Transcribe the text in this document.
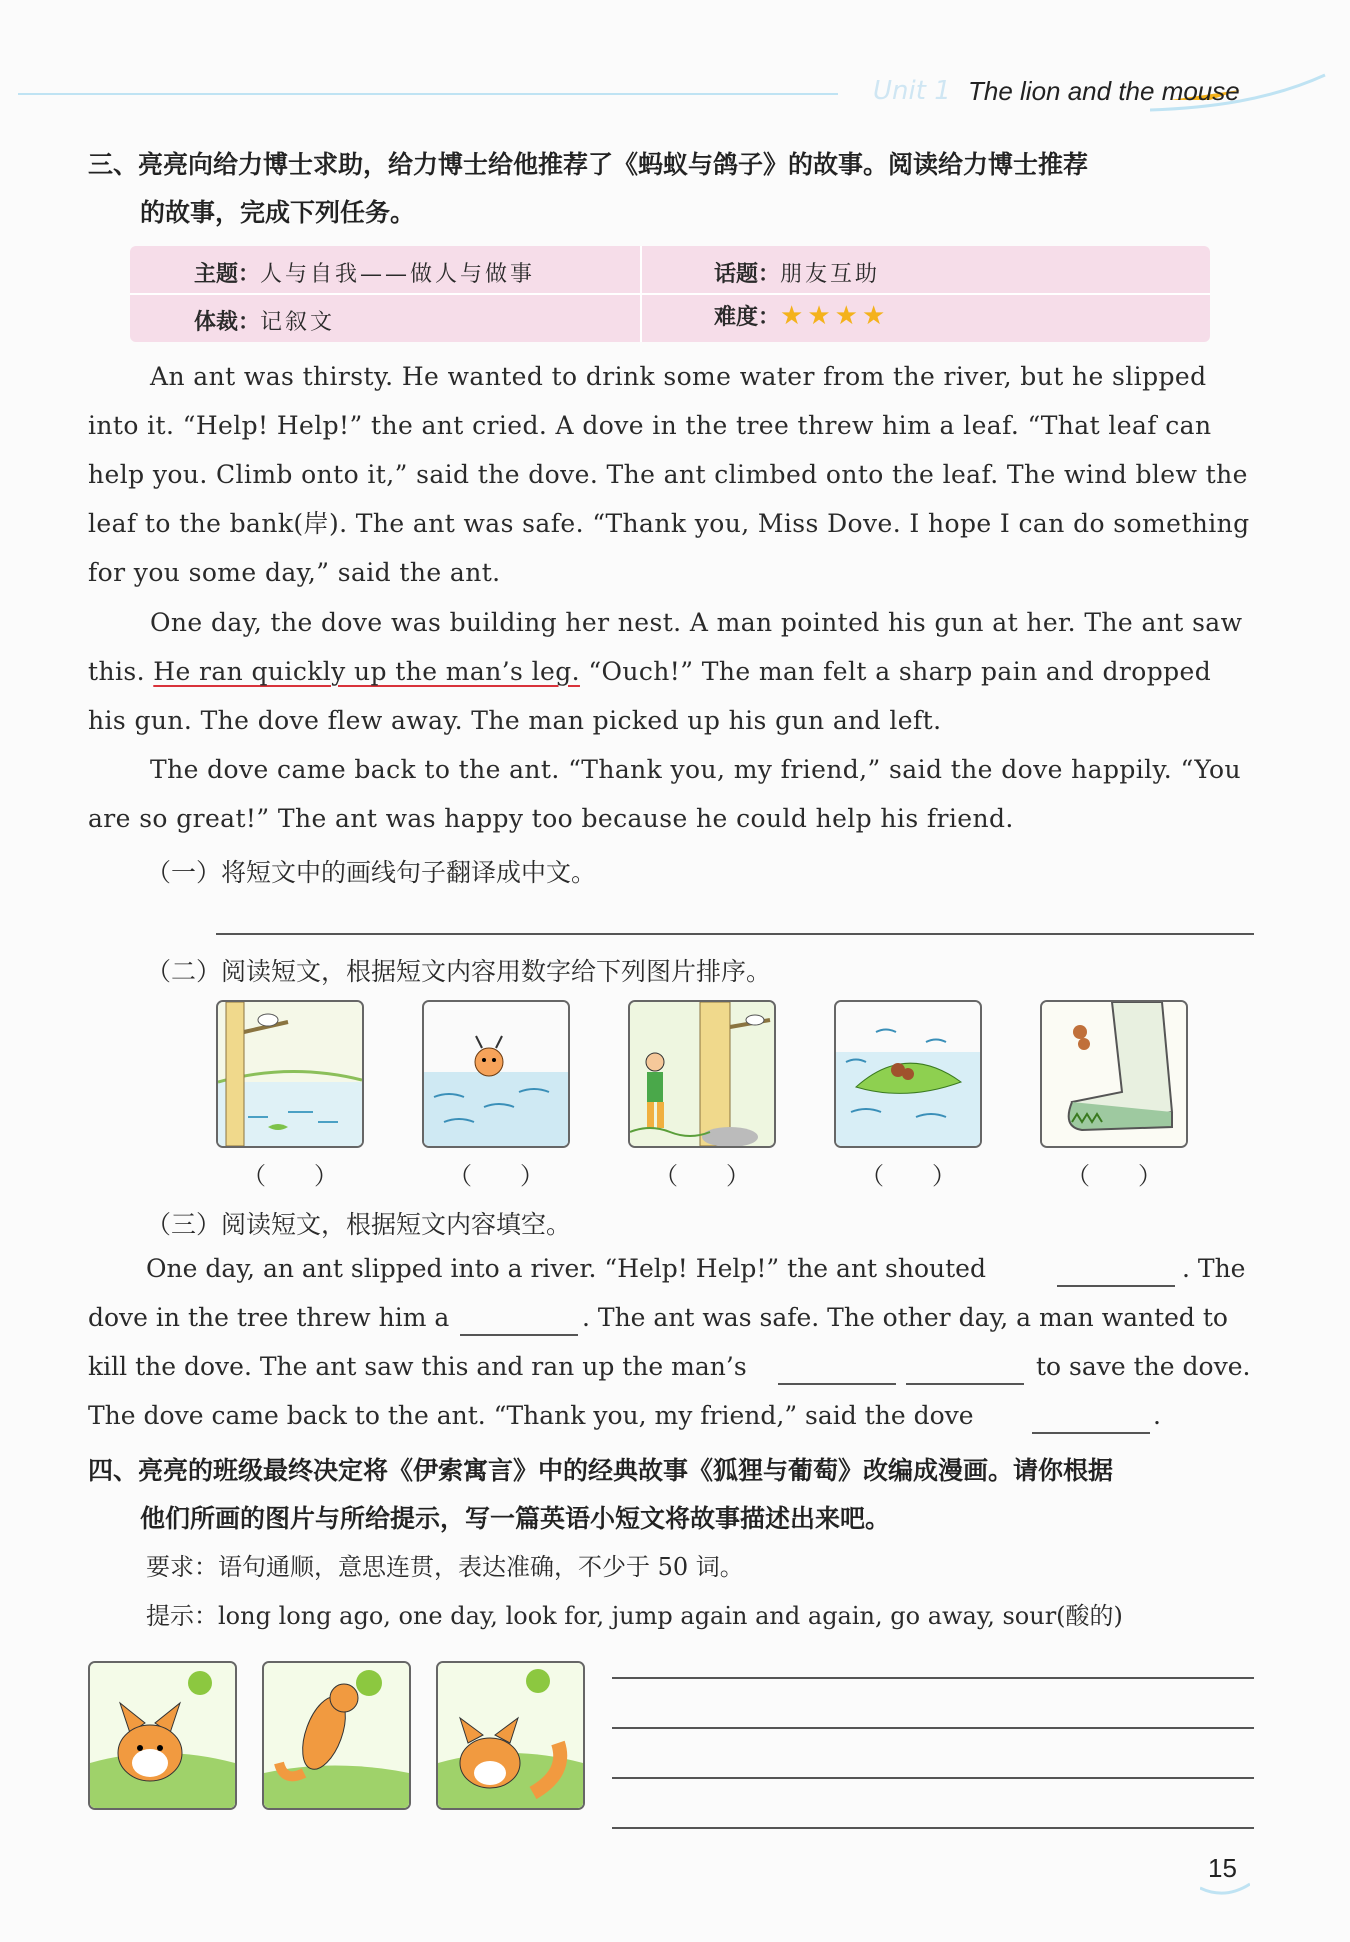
Unit 1 The lion and the mouse
三、亮亮向给力博士求助，给力博士给他推荐了《蚂蚁与鸽子》的故事。阅读给力博士推荐
的故事，完成下列任务。
主题：人与自我——做人与做事	话题：朋友互助
体裁：记叙文	难度：★ ★ ★ ★
An ant was thirsty. He wanted to drink some water from the river, but he slipped into it. “Help! Help!” the ant cried. A dove in the tree threw him a leaf. “That leaf can help you. Climb onto it,” said the dove. The ant climbed onto the leaf. The wind blew the leaf to the bank(岸). The ant was safe. “Thank you, Miss Dove. I hope I can do something for you some day,” said the ant.
One day, the dove was building her nest. A man pointed his gun at her. The ant saw this. He ran quickly up the man’s leg. “Ouch!” The man felt a sharp pain and dropped his gun. The dove flew away. The man picked up his gun and left.
The dove came back to the ant. “Thank you, my friend,” said the dove happily. “You are so great!” The ant was happy too because he could help his friend.
（一）将短文中的画线句子翻译成中文。
（二）阅读短文，根据短文内容用数字给下列图片排序。
（　　）	（　　）	（　　）	（　　）	（　　）
（三）阅读短文，根据短文内容填空。
One day, an ant slipped into a river. “Help! Help!” the ant shouted	. The
dove in the tree threw him a	. The ant was safe. The other day, a man wanted to
kill the dove. The ant saw this and ran up the man’s	to save the dove.
The dove came back to the ant. “Thank you, my friend,” said the dove	.
四、亮亮的班级最终决定将《伊索寓言》中的经典故事《狐狸与葡萄》改编成漫画。请你根据
他们所画的图片与所给提示，写一篇英语小短文将故事描述出来吧。
要求：语句通顺，意思连贯，表达准确，不少于 50 词。
提示：long long ago, one day, look for, jump again and again, go away, sour(酸的)
15
